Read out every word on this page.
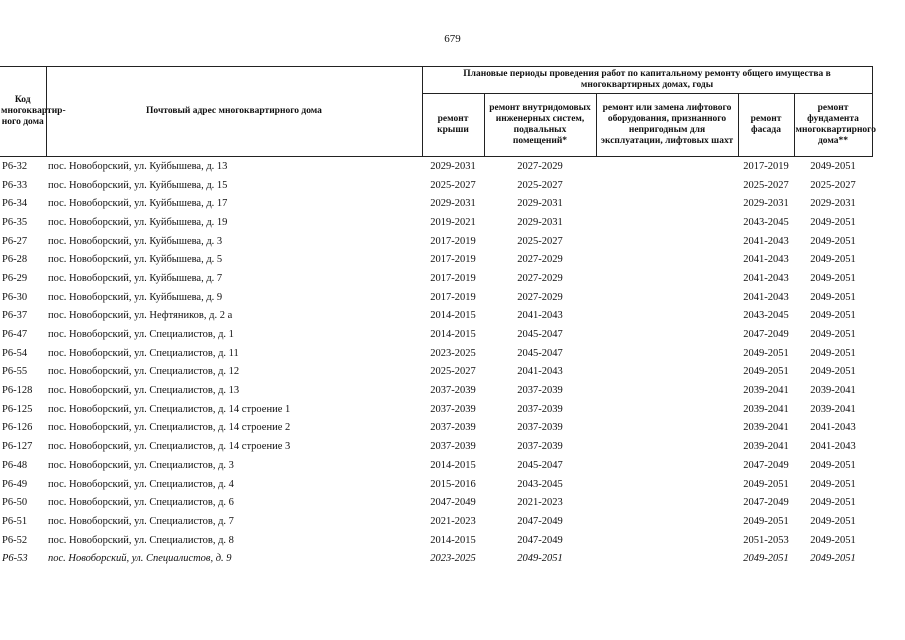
679
Код многоквартир-ного дома	Почтовый адрес многоквартирного дома	Плановые периоды проведения работ по капитальному ремонту общего имущества в многоквартирных домах, годы				
		ремонт крыши	ремонт внутридомовых инженерных систем, подвальных помещений*	ремонт или замена лифтового оборудования, признанного непригодным для эксплуатации, лифтовых шахт	ремонт фасада	ремонт фундамента многоквартирного дома**
P6-32	пос. Новоборский, ул. Куйбышева, д. 13	2029-2031	2027-2029		2017-2019	2049-2051
P6-33	пос. Новоборский, ул. Куйбышева, д. 15	2025-2027	2025-2027		2025-2027	2025-2027
P6-34	пос. Новоборский, ул. Куйбышева, д. 17	2029-2031	2029-2031		2029-2031	2029-2031
P6-35	пос. Новоборский, ул. Куйбышева, д. 19	2019-2021	2029-2031		2043-2045	2049-2051
P6-27	пос. Новоборский, ул. Куйбышева, д. 3	2017-2019	2025-2027		2041-2043	2049-2051
P6-28	пос. Новоборский, ул. Куйбышева, д. 5	2017-2019	2027-2029		2041-2043	2049-2051
P6-29	пос. Новоборский, ул. Куйбышева, д. 7	2017-2019	2027-2029		2041-2043	2049-2051
P6-30	пос. Новоборский, ул. Куйбышева, д. 9	2017-2019	2027-2029		2041-2043	2049-2051
P6-37	пос. Новоборский, ул. Нефтяников, д. 2 а	2014-2015	2041-2043		2043-2045	2049-2051
P6-47	пос. Новоборский, ул. Специалистов, д. 1	2014-2015	2045-2047		2047-2049	2049-2051
P6-54	пос. Новоборский, ул. Специалистов, д. 11	2023-2025	2045-2047		2049-2051	2049-2051
P6-55	пос. Новоборский, ул. Специалистов, д. 12	2025-2027	2041-2043		2049-2051	2049-2051
P6-128	пос. Новоборский, ул. Специалистов, д. 13	2037-2039	2037-2039		2039-2041	2039-2041
P6-125	пос. Новоборский, ул. Специалистов, д. 14 строение 1	2037-2039	2037-2039		2039-2041	2039-2041
P6-126	пос. Новоборский, ул. Специалистов, д. 14 строение 2	2037-2039	2037-2039		2039-2041	2041-2043
P6-127	пос. Новоборский, ул. Специалистов, д. 14 строение 3	2037-2039	2037-2039		2039-2041	2041-2043
P6-48	пос. Новоборский, ул. Специалистов, д. 3	2014-2015	2045-2047		2047-2049	2049-2051
P6-49	пос. Новоборский, ул. Специалистов, д. 4	2015-2016	2043-2045		2049-2051	2049-2051
P6-50	пос. Новоборский, ул. Специалистов, д. 6	2047-2049	2021-2023		2047-2049	2049-2051
P6-51	пос. Новоборский, ул. Специалистов, д. 7	2021-2023	2047-2049		2049-2051	2049-2051
P6-52	пос. Новоборский, ул. Специалистов, д. 8	2014-2015	2047-2049		2051-2053	2049-2051
P6-53	пос. Новоборский, ул. Специалистов, д. 9	2023-2025	2049-2051		2049-2051	2049-2051
